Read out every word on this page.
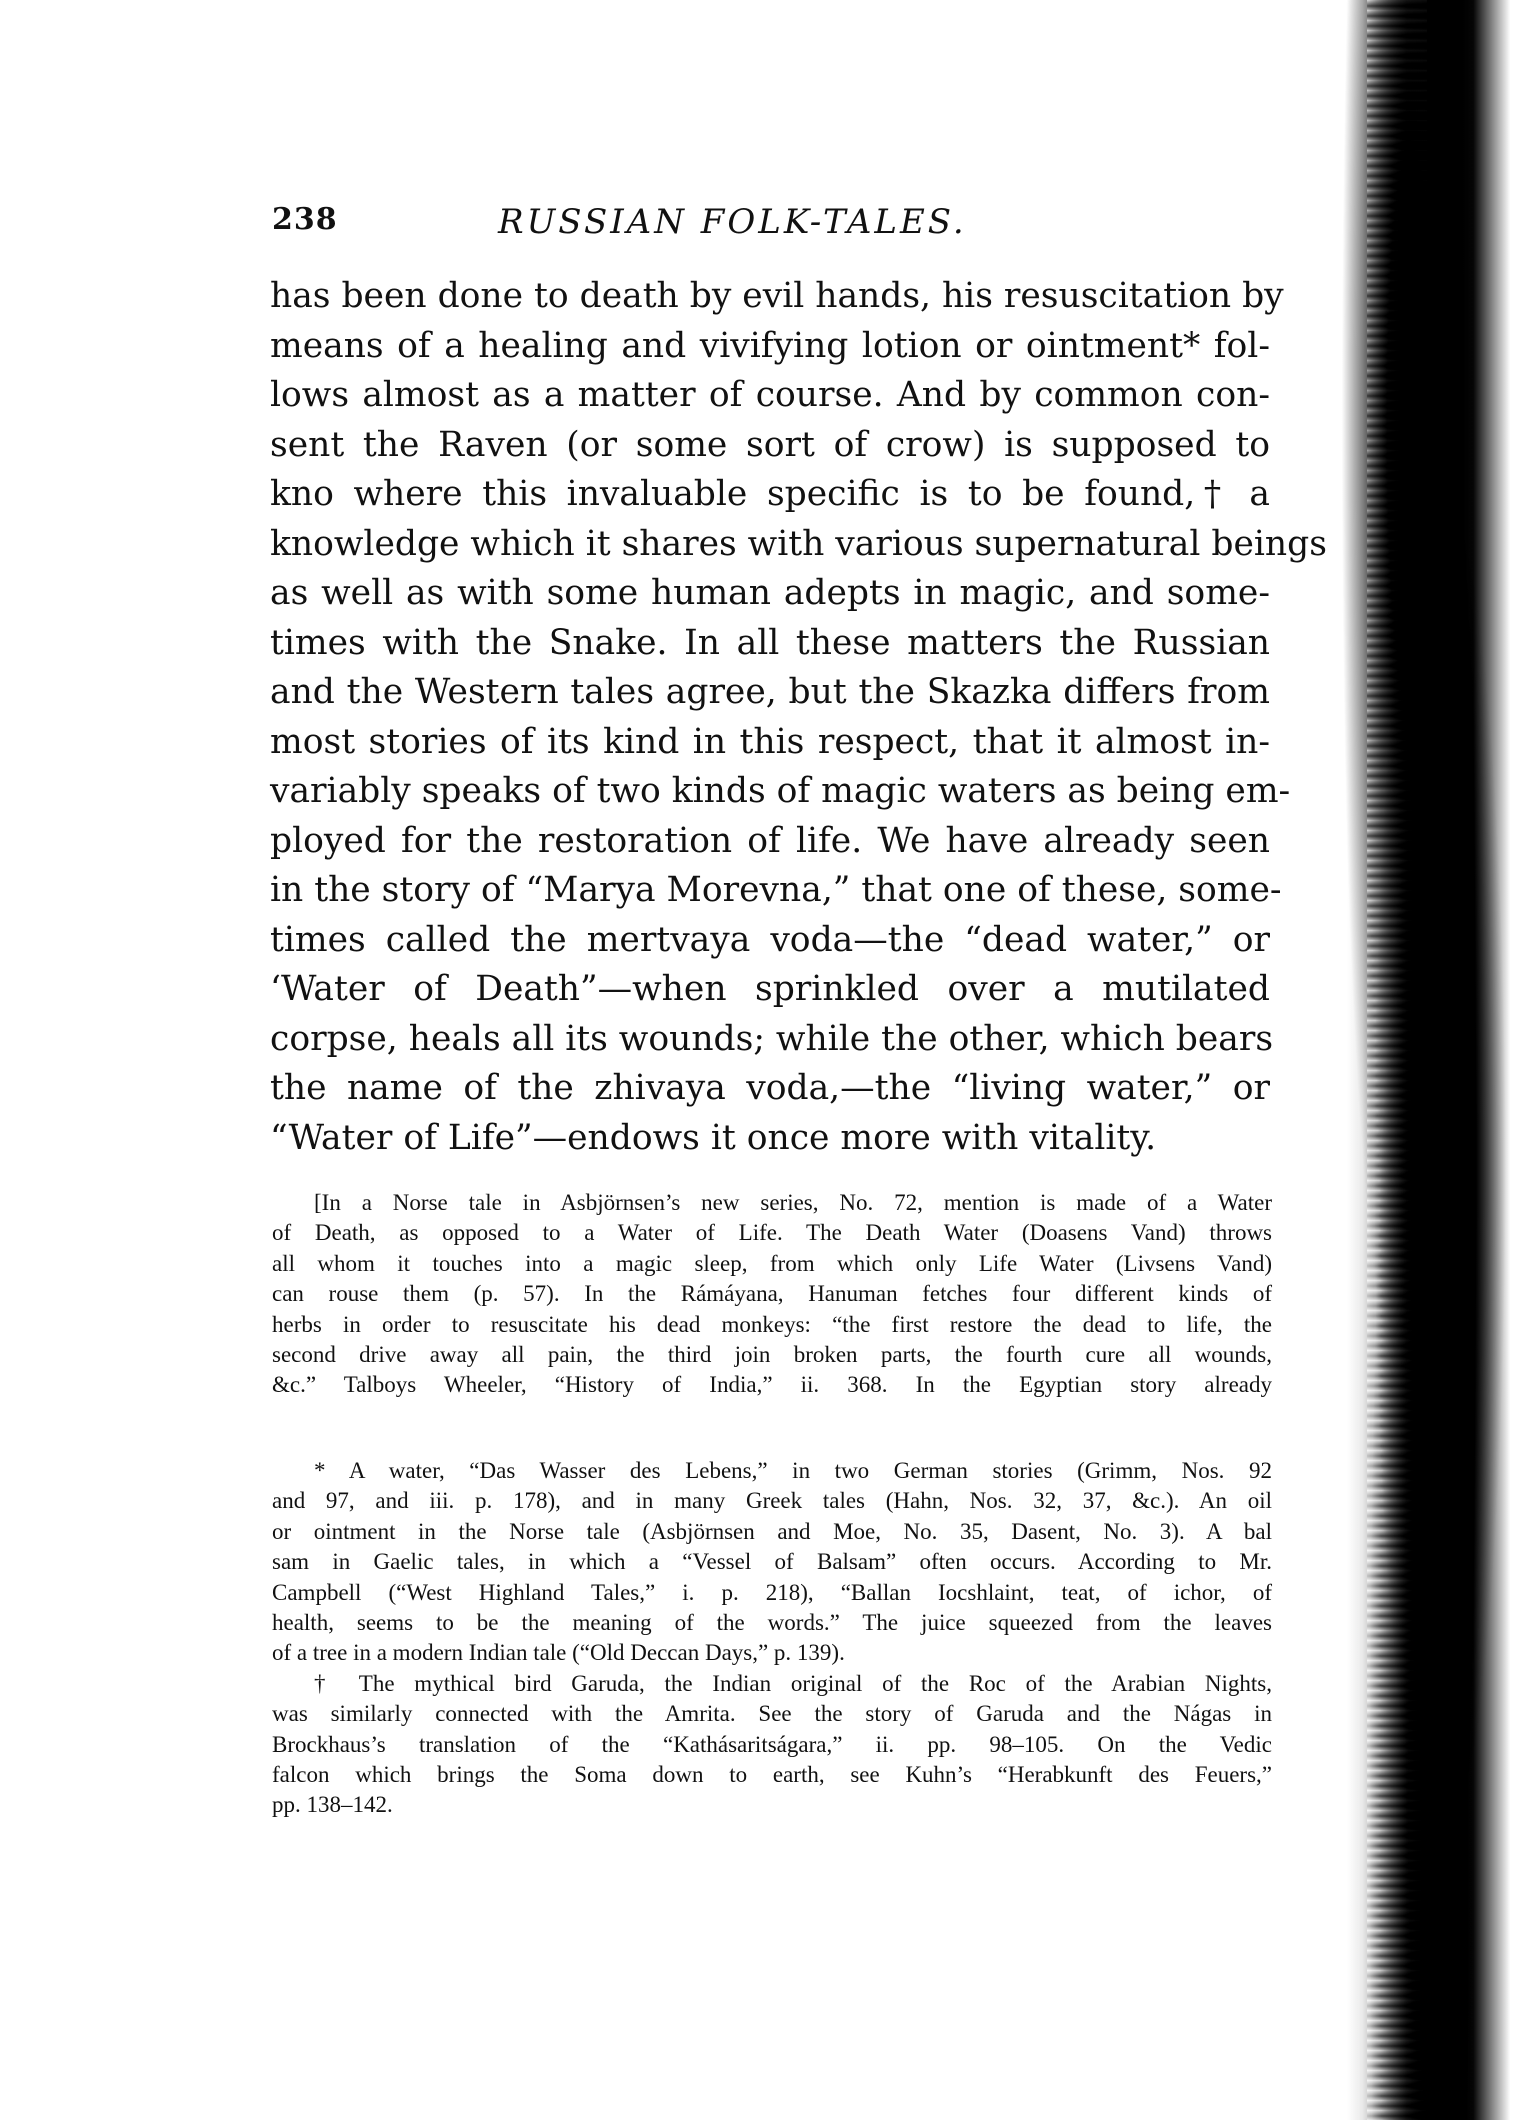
238	RUSSIAN FOLK-TALES.
has been done to death by evil hands, his resuscitation by
means of a healing and vivifying lotion or ointment* fol-
lows almost as a matter of course. And by common con-
sent the Raven (or some sort of crow) is supposed to
kno where this invaluable specific is to be found,† a
knowledge which it shares with various supernatural beings
as well as with some human adepts in magic, and some-
times with the Snake. In all these matters the Russian
and the Western tales agree, but the Skazka differs from
most stories of its kind in this respect, that it almost in-
variably speaks of two kinds of magic waters as being em-
ployed for the restoration of life. We have already seen
in the story of “Marya Morevna,” that one of these, some-
times called the mertvaya voda—the “dead water,” or
‘Water of Death”—when sprinkled over a mutilated
corpse, heals all its wounds; while the other, which bears
the name of the zhivaya voda,—the “living water,” or
“Water of Life”—endows it once more with vitality.
[In a Norse tale in Asbjörnsen’s new series, No. 72, mention is made of a Water
of Death, as opposed to a Water of Life. The Death Water (Doasens Vand) throws
all whom it touches into a magic sleep, from which only Life Water (Livsens Vand)
can rouse them (p. 57). In the Rámáyana, Hanuman fetches four different kinds of
herbs in order to resuscitate his dead monkeys: “the first restore the dead to life, the
second drive away all pain, the third join broken parts, the fourth cure all wounds,
&c.” Talboys Wheeler, “History of India,” ii. 368. In the Egyptian story already
* A water, “Das Wasser des Lebens,” in two German stories (Grimm, Nos. 92
and 97, and iii. p. 178), and in many Greek tales (Hahn, Nos. 32, 37, &c.). An oil
or ointment in the Norse tale (Asbjörnsen and Moe, No. 35, Dasent, No. 3). A bal
sam in Gaelic tales, in which a “Vessel of Balsam” often occurs. According to Mr.
Campbell (“West Highland Tales,” i. p. 218), “Ballan Iocshlaint, teat, of ichor, of
health, seems to be the meaning of the words.” The juice squeezed from the leaves
of a tree in a modern Indian tale (“Old Deccan Days,” p. 139).
† The mythical bird Garuda, the Indian original of the Roc of the Arabian Nights,
was similarly connected with the Amrita. See the story of Garuda and the Nágas in
Brockhaus’s translation of the “Kathásaritságara,” ii. pp. 98–105. On the Vedic
falcon which brings the Soma down to earth, see Kuhn’s “Herabkunft des Feuers,”
pp. 138–142.
